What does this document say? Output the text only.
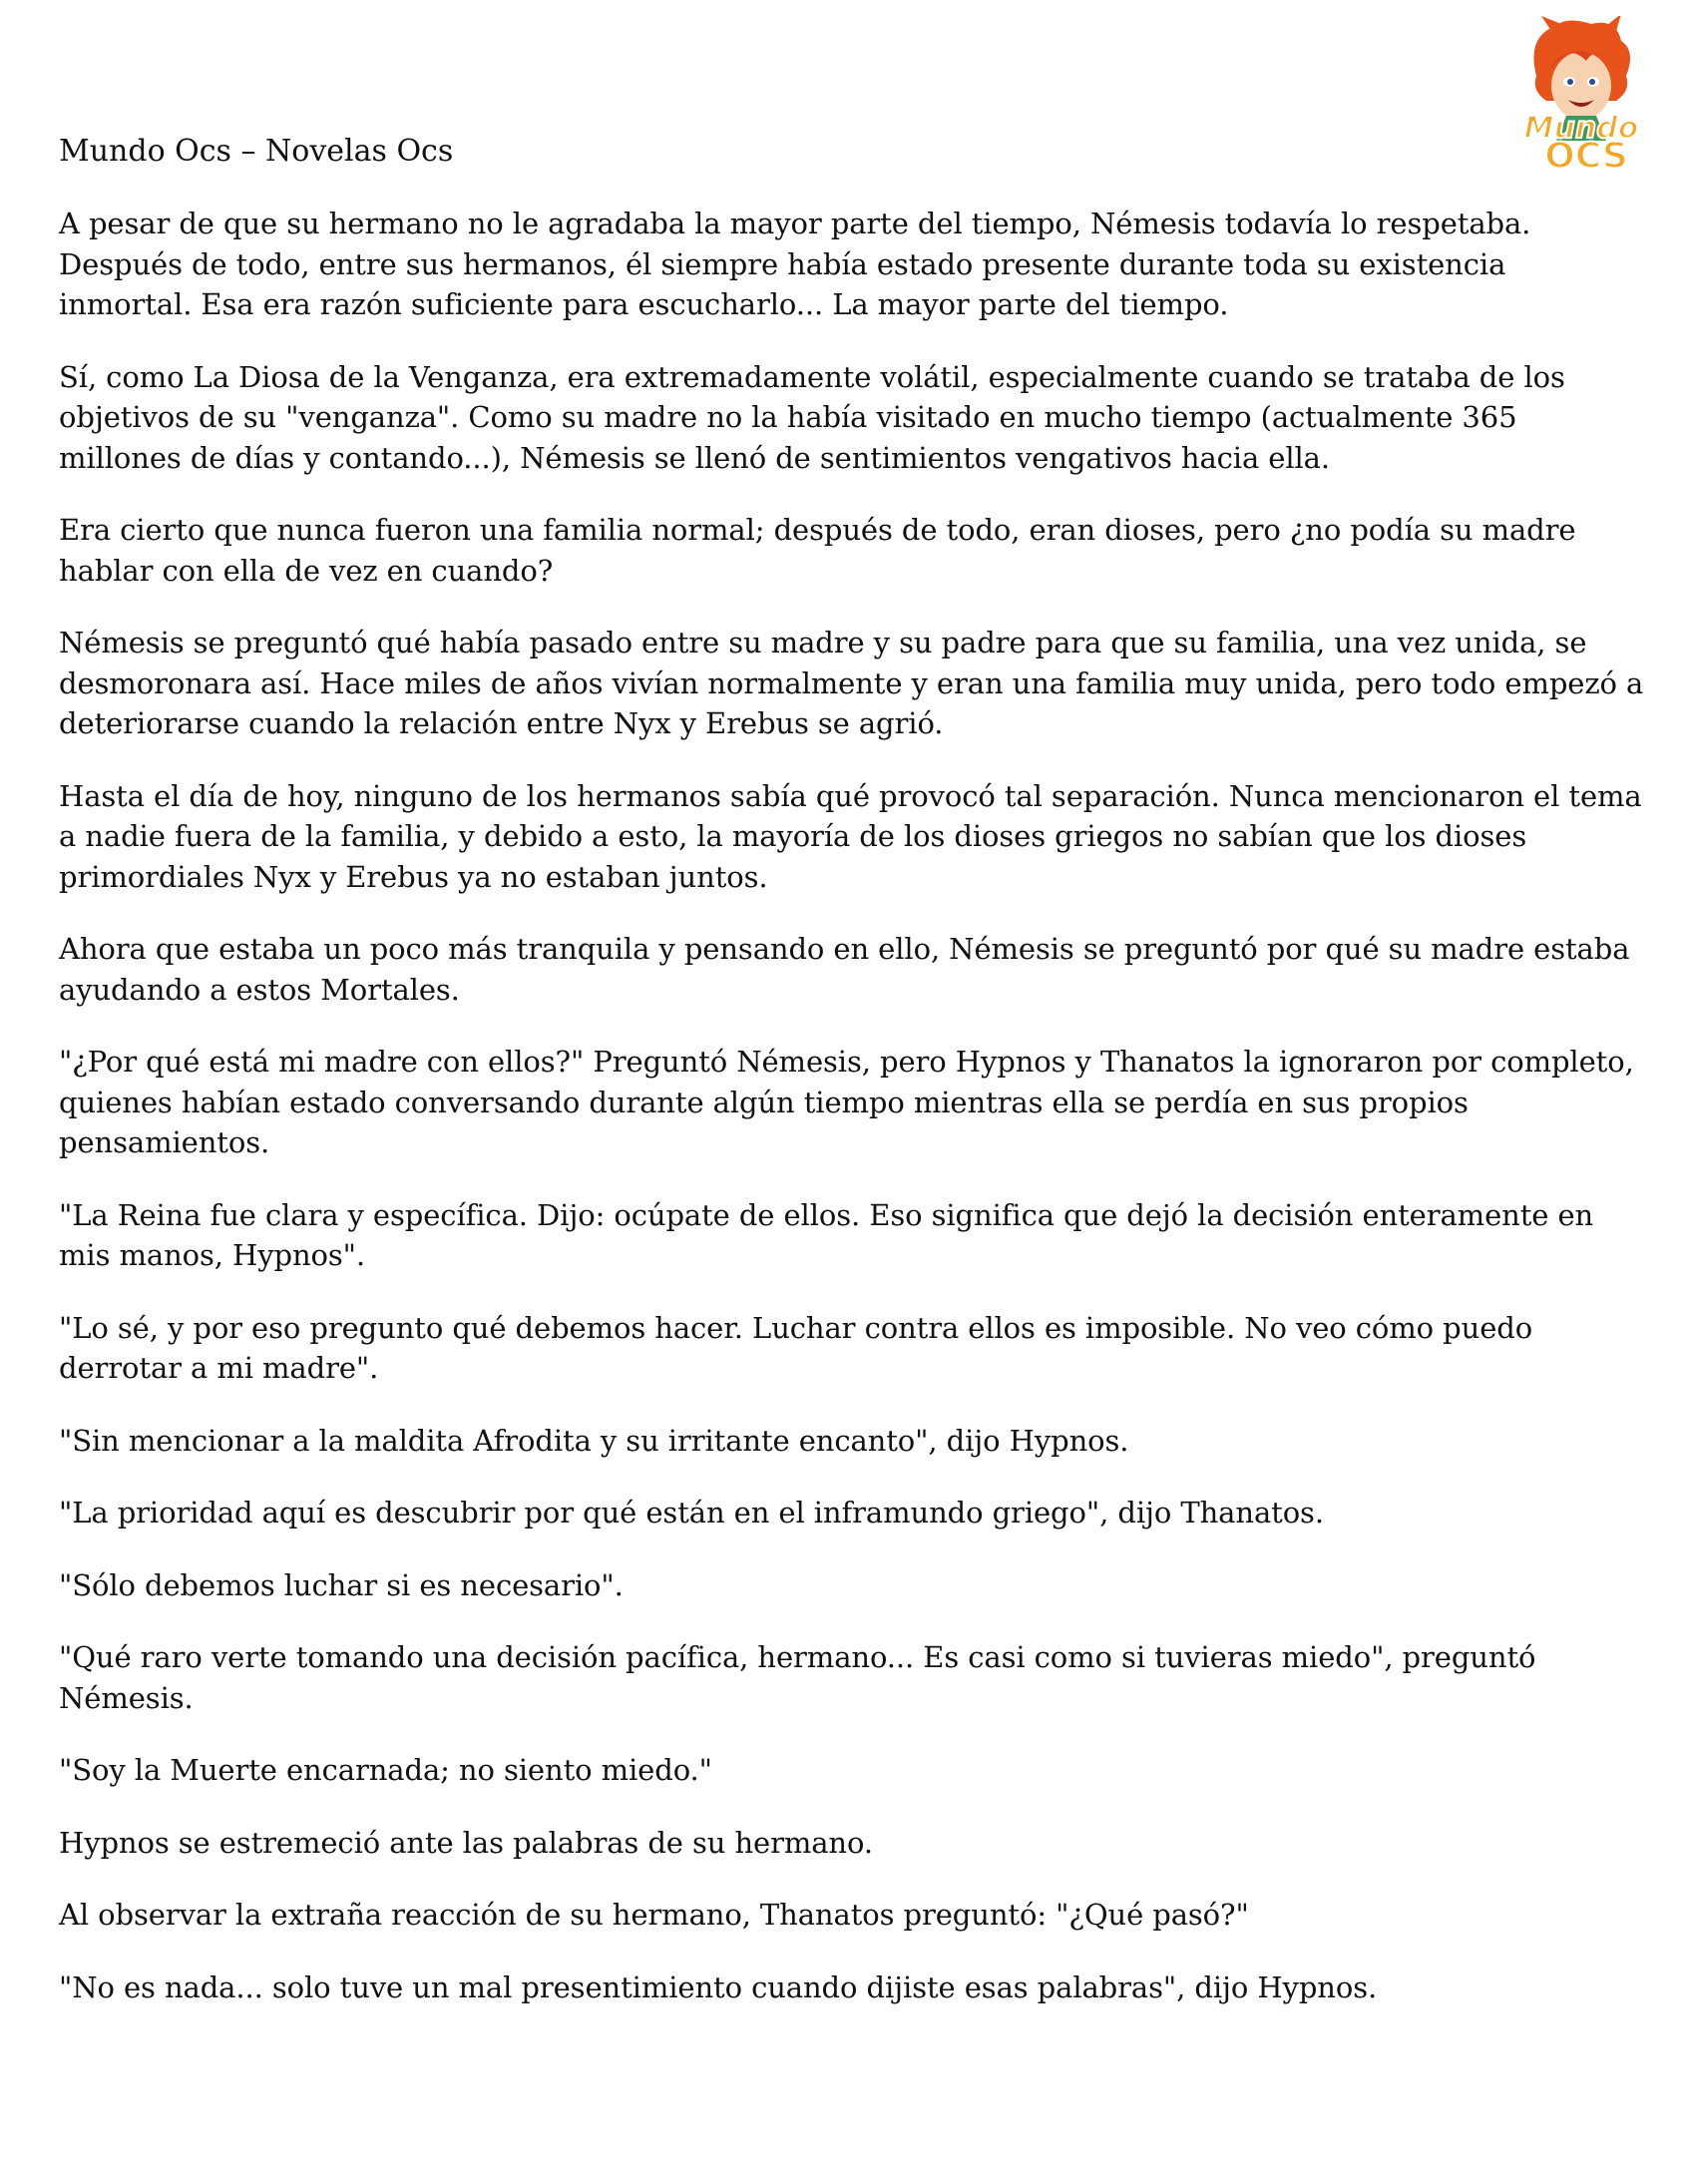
Mundo
OCS
Mundo Ocs – Novelas Ocs

A pesar de que su hermano no le agradaba la mayor parte del tiempo, Némesis todavía lo respetaba. Después de todo, entre sus hermanos, él siempre había estado presente durante toda su existencia inmortal. Esa era razón suficiente para escucharlo... La mayor parte del tiempo.

Sí, como La Diosa de la Venganza, era extremadamente volátil, especialmente cuando se trataba de los objetivos de su "venganza". Como su madre no la había visitado en mucho tiempo (actualmente 365 millones de días y contando...), Némesis se llenó de sentimientos vengativos hacia ella.

Era cierto que nunca fueron una familia normal; después de todo, eran dioses, pero ¿no podía su madre hablar con ella de vez en cuando?

Némesis se preguntó qué había pasado entre su madre y su padre para que su familia, una vez unida, se desmoronara así. Hace miles de años vivían normalmente y eran una familia muy unida, pero todo empezó a deteriorarse cuando la relación entre Nyx y Erebus se agrió.

Hasta el día de hoy, ninguno de los hermanos sabía qué provocó tal separación. Nunca mencionaron el tema a nadie fuera de la familia, y debido a esto, la mayoría de los dioses griegos no sabían que los dioses primordiales Nyx y Erebus ya no estaban juntos.

Ahora que estaba un poco más tranquila y pensando en ello, Némesis se preguntó por qué su madre estaba ayudando a estos Mortales.

"¿Por qué está mi madre con ellos?" Preguntó Némesis, pero Hypnos y Thanatos la ignoraron por completo, quienes habían estado conversando durante algún tiempo mientras ella se perdía en sus propios pensamientos.

"La Reina fue clara y específica. Dijo: ocúpate de ellos. Eso significa que dejó la decisión enteramente en mis manos, Hypnos".

"Lo sé, y por eso pregunto qué debemos hacer. Luchar contra ellos es imposible. No veo cómo puedo derrotar a mi madre".

"Sin mencionar a la maldita Afrodita y su irritante encanto", dijo Hypnos.

"La prioridad aquí es descubrir por qué están en el inframundo griego", dijo Thanatos.

"Sólo debemos luchar si es necesario".

"Qué raro verte tomando una decisión pacífica, hermano... Es casi como si tuvieras miedo", preguntó Némesis.

"Soy la Muerte encarnada; no siento miedo."

Hypnos se estremeció ante las palabras de su hermano.

Al observar la extraña reacción de su hermano, Thanatos preguntó: "¿Qué pasó?"

"No es nada... solo tuve un mal presentimiento cuando dijiste esas palabras", dijo Hypnos.
